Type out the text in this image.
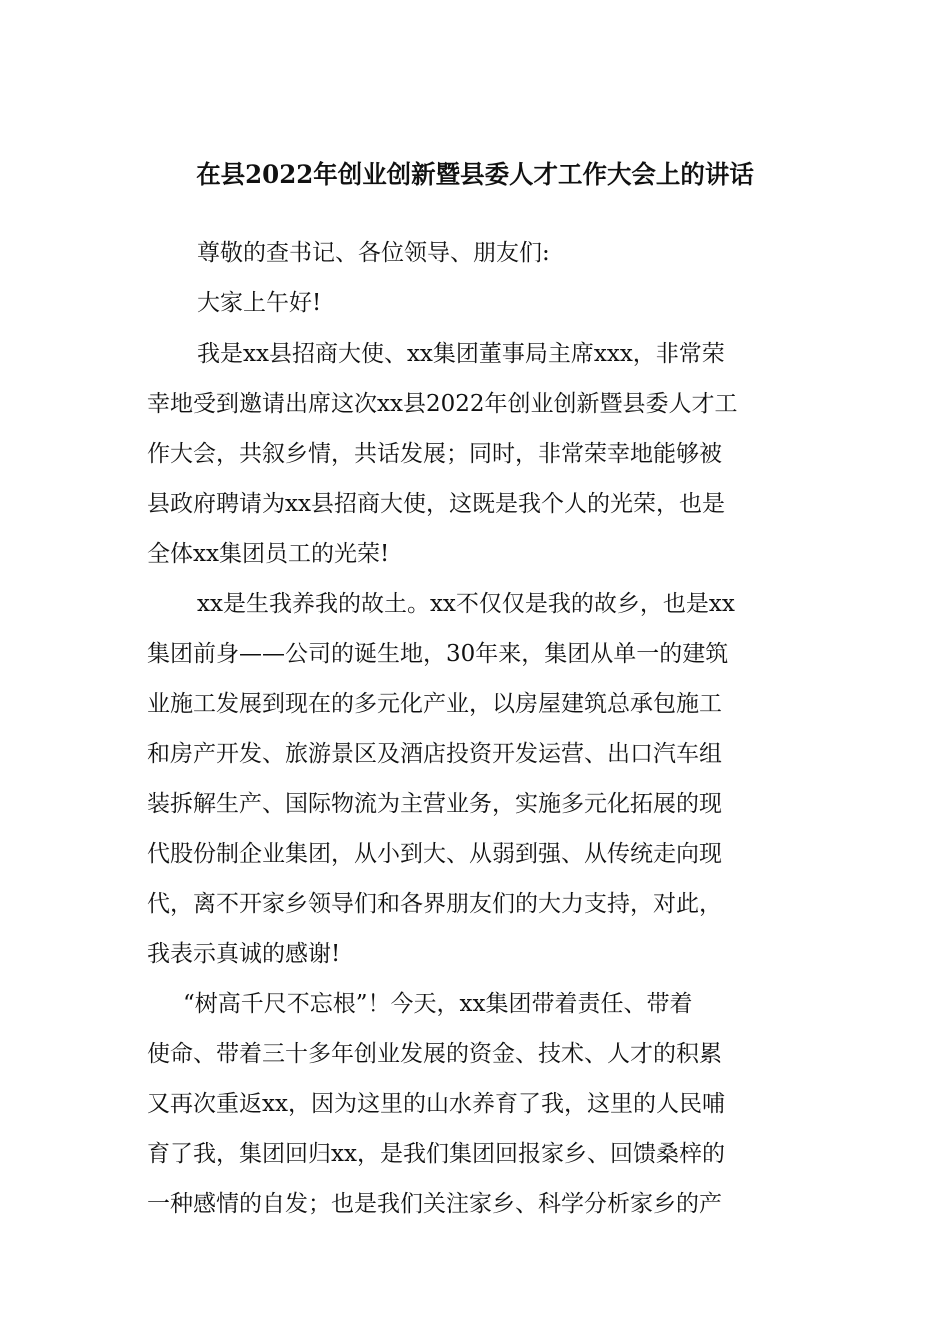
在县2022年创业创新暨县委人才工作大会上的讲话
尊敬的查书记、各位领导、朋友们:
大家上午好!
我是xx县招商大使、xx集团董事局主席xxx，非常荣
幸地受到邀请出席这次xx县2022年创业创新暨县委人才工
作大会，共叙乡情，共话发展；同时，非常荣幸地能够被
县政府聘请为xx县招商大使，这既是我个人的光荣，也是
全体xx集团员工的光荣!
xx是生我养我的故土。xx不仅仅是我的故乡，也是xx
集团前身——公司的诞生地，30年来，集团从单一的建筑
业施工发展到现在的多元化产业，以房屋建筑总承包施工
和房产开发、旅游景区及酒店投资开发运营、出口汽车组
装拆解生产、国际物流为主营业务，实施多元化拓展的现
代股份制企业集团，从小到大、从弱到强、从传统走向现
代，离不开家乡领导们和各界朋友们的大力支持，对此，
我表示真诚的感谢!
“树高千尺不忘根”！今天，xx集团带着责任、带着
使命、带着三十多年创业发展的资金、技术、人才的积累
又再次重返xx，因为这里的山水养育了我，这里的人民哺
育了我，集团回归xx，是我们集团回报家乡、回馈桑梓的
一种感情的自发；也是我们关注家乡、科学分析家乡的产
